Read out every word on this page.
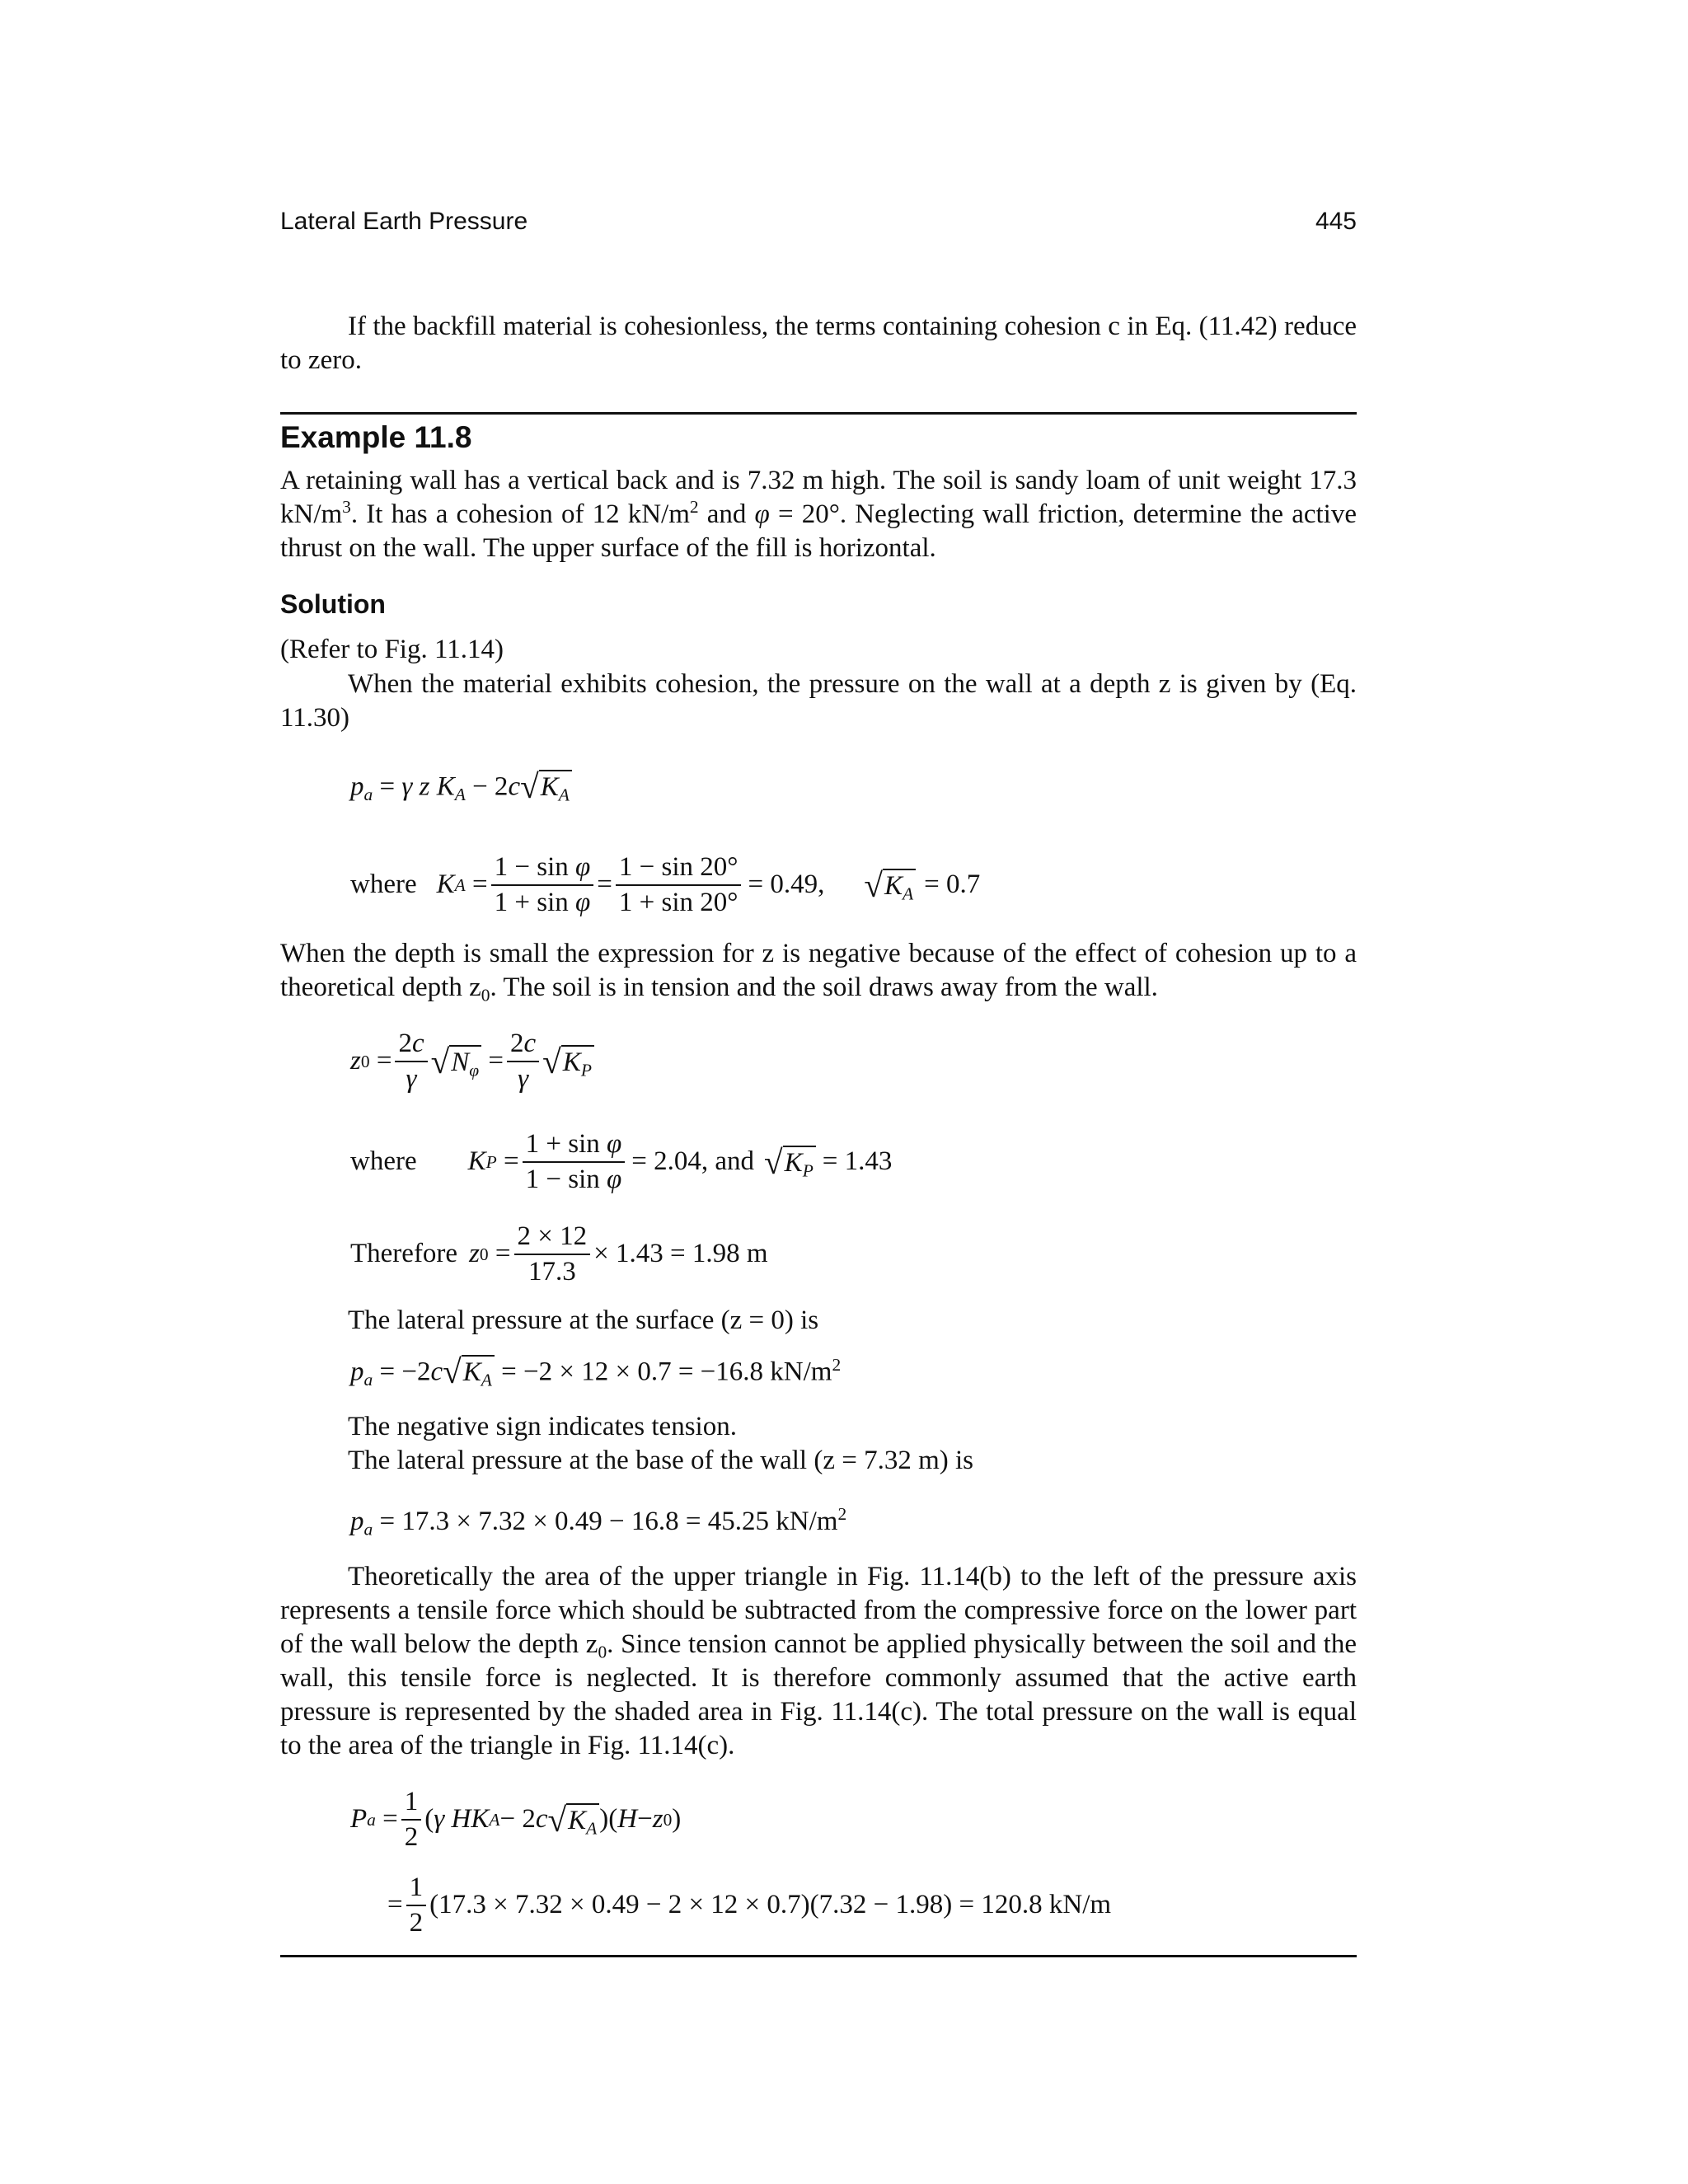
Lateral Earth Pressure	445
If the backfill material is cohesionless, the terms containing cohesion c in Eq. (11.42) reduce to zero.
Example 11.8
A retaining wall has a vertical back and is 7.32 m high. The soil is sandy loam of unit weight 17.3 $kN/m^3$. It has a cohesion of 12 $kN/m^2$ and φ = 20°. Neglecting wall friction, determine the active thrust on the wall. The upper surface of the fill is horizontal.
Solution
(Refer to Fig. 11.14)
When the material exhibits cohesion, the pressure on the wall at a depth z is given by (Eq. 11.30)
$p_a = \gamma$ z $K_A - 2c√K_A$
where K $A = \frac{\text{1 − sin φ}}{\text{1 + sin φ}} = \frac{1 - \sin 20^\circ}{1 + \sin 20^\circ} = 0.49$, $√K_A = 0.7$
When the depth is small the expression for z is negative because of the effect of cohesion up to a theoretical depth $z_0$. The soil is in tension and the soil draws away from the wall.
z $0 = \frac{2c}{\gamma} √N_\varphi = \frac{2c}{\gamma} √K_P$
where K $P = \frac{\text{1 + sin φ}}{\text{1 − sin φ}} = 2.04$, and $√K_P = 1.43$
Therefore z $0 = \frac{2 \times 12}{17.3} \times 1.43 = 1.98$ m
The lateral pressure at the surface (z = 0) is
$p_a = -2c√K_A = -2 \times 12 \times 0.7 = -16.8$ $kN/m^2$
The negative sign indicates tension.
The lateral pressure at the base of the wall (z = 7.32 m) is
$p_a = 17.3 \times 7.32 \times 0.49 - 16.8 = 45.25$ $kN/m^2$
Theoretically the area of the upper triangle in Fig. 11.14(b) to the left of the pressure axis represents a tensile force which should be subtracted from the compressive force on the lower part of the wall below the depth $z_0$. Since tension cannot be applied physically between the soil and the wall, this tensile force is neglected. It is therefore commonly assumed that the active earth pressure is represented by the shaded area in Fig. 11.14(c). The total pressure on the wall is equal to the area of the triangle in Fig. 11.14(c).
P $a = \frac{1}{2}$ ( γ HK A − 2 c $√K_A$ )( H − z 0 )
= $\frac{1}{2} (17.3 \times 7.32 \times 0.49 - 2 \times 12 \times 0.7)(7.32 - 1.98) = 120.8$ kN/m
